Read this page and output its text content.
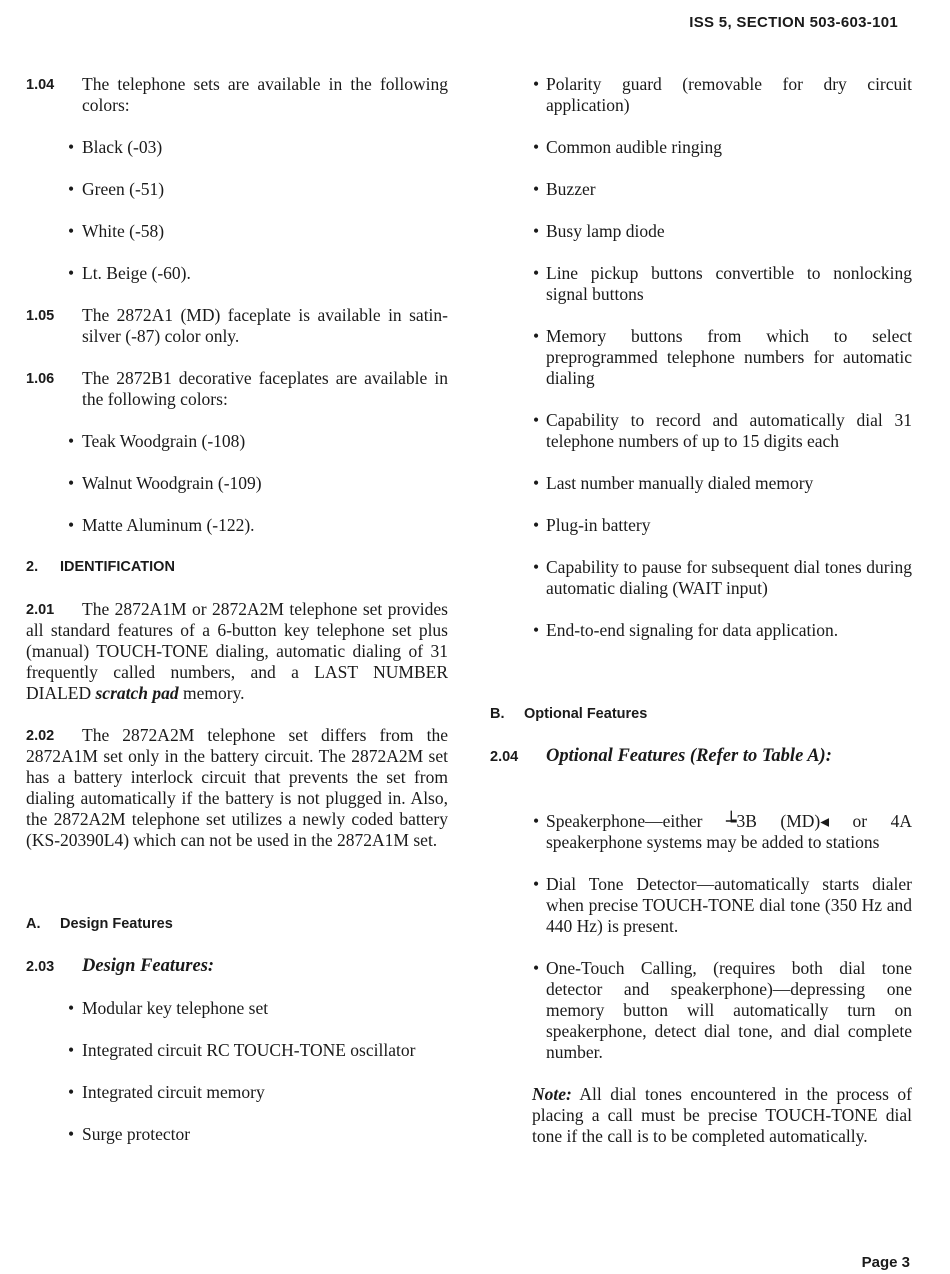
ISS 5, SECTION 503-603-101
1.04 The telephone sets are available in the following colors:
• Black (-03)
• Green (-51)
• White (-58)
• Lt. Beige (-60).
1.05 The 2872A1 (MD) faceplate is available in satin-silver (-87) color only.
1.06 The 2872B1 decorative faceplates are available in the following colors:
• Teak Woodgrain (-108)
• Walnut Woodgrain (-109)
• Matte Aluminum (-122).
2. IDENTIFICATION
2.01	The 2872A1M or 2872A2M telephone set provides all standard features of a 6-button key telephone set plus (manual) TOUCH-TONE dialing, automatic dialing of 31 frequently called numbers, and a LAST NUMBER DIALED scratch pad memory.
2.02	The 2872A2M telephone set differs from the 2872A1M set only in the battery circuit. The 2872A2M set has a battery interlock circuit that prevents the set from dialing automatically if the battery is not plugged in. Also, the 2872A2M telephone set utilizes a newly coded battery (KS-20390L4) which can not be used in the 2872A1M set.
A. Design Features
2.03 Design Features:
• Modular key telephone set
• Integrated circuit RC TOUCH-TONE oscillator
• Integrated circuit memory
• Surge protector
• Polarity guard (removable for dry circuit application)
• Common audible ringing
• Buzzer
• Busy lamp diode
• Line pickup buttons convertible to nonlocking signal buttons
• Memory buttons from which to select preprogrammed telephone numbers for automatic dialing
• Capability to record and automatically dial 31 telephone numbers of up to 15 digits each
• Last number manually dialed memory
• Plug-in battery
• Capability to pause for subsequent dial tones during automatic dialing (WAIT input)
• End-to-end signaling for data application.
B. Optional Features
2.04 Optional Features (Refer to Table A):
• Speakerphone—either ┶3B (MD)◂ or 4A speakerphone systems may be added to stations
• Dial Tone Detector—automatically starts dialer when precise TOUCH-TONE dial tone (350 Hz and 440 Hz) is present.
• One-Touch Calling, (requires both dial tone detector and speakerphone)—depressing one memory button will automatically turn on speakerphone, detect dial tone, and dial complete number.

Note: All dial tones encountered in the process of placing a call must be precise TOUCH-TONE dial tone if the call is to be completed automatically.

Page 3
